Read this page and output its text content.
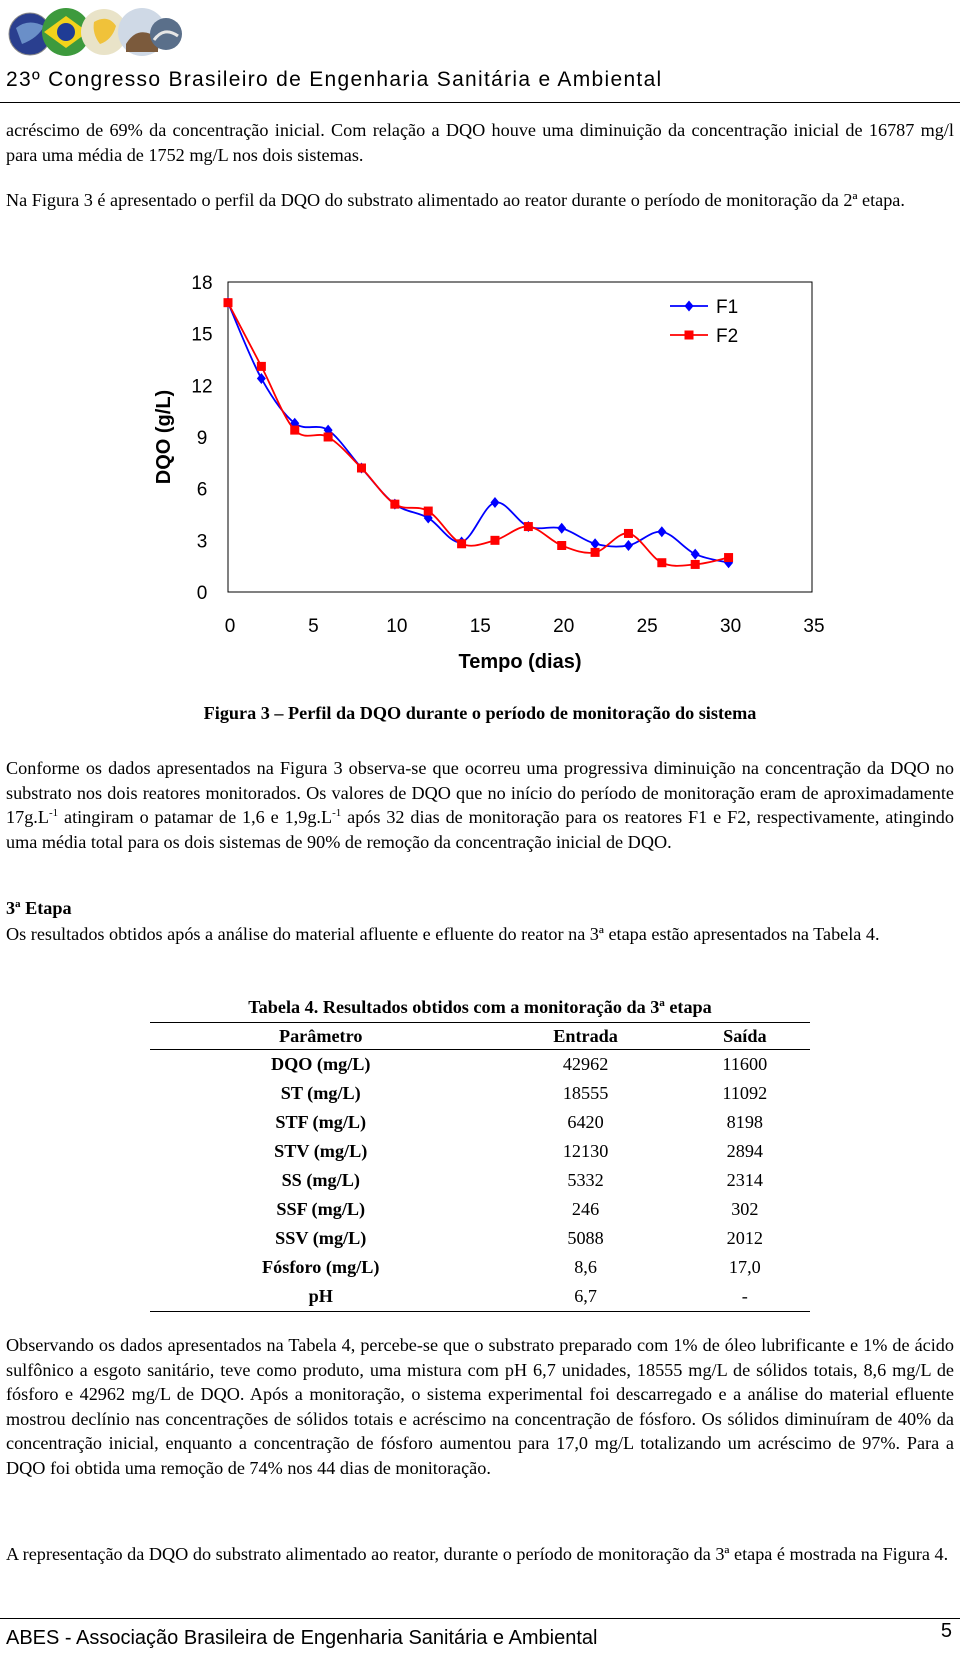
23º Congresso Brasileiro de Engenharia Sanitária e Ambiental

acréscimo de 69% da concentração inicial. Com relação a DQO houve uma diminuição da concentração inicial de 16787 mg/l para uma média de 1752 mg/L nos dois sistemas.

Na Figura 3 é apresentado o perfil da DQO do substrato alimentado ao reator durante o período de monitoração da 2ª etapa.

0
3
6
9
12
15
18
0	5	10	15	20	25	30	35
DQO (g/L)
Tempo (dias)
F1
F2
Figura 3 – Perfil da DQO durante o período de monitoração do sistema

Conforme os dados apresentados na Figura 3 observa-se que ocorreu uma progressiva diminuição na concentração da DQO no substrato nos dois reatores monitorados. Os valores de DQO que no início do período de monitoração eram de aproximadamente $17g.L^{-1}$ atingiram o patamar de 1,6 e $1,9g.L^{-1}$ após 32 dias de monitoração para os reatores F1 e F2, respectivamente, atingindo uma média total para os dois sistemas de 90% de remoção da concentração inicial de DQO.

3ª Etapa

Os resultados obtidos após a análise do material afluente e efluente do reator na 3ª etapa estão apresentados na Tabela 4.

Tabela 4. Resultados obtidos com a monitoração da 3ª etapa
Parâmetro	Entrada	Saída
DQO (mg/L)	42962	11600
ST (mg/L)	18555	11092
STF (mg/L)	6420	8198
STV (mg/L)	12130	2894
SS (mg/L)	5332	2314
SSF (mg/L)	246	302
SSV (mg/L)	5088	2012
Fósforo (mg/L)	8,6	17,0
pH	6,7	-

Observando os dados apresentados na Tabela 4, percebe-se que o substrato preparado com 1% de óleo lubrificante e 1% de ácido sulfônico a esgoto sanitário, teve como produto, uma mistura com pH 6,7 unidades, 18555 mg/L de sólidos totais, 8,6 mg/L de fósforo e 42962 mg/L de DQO. Após a monitoração, o sistema experimental foi descarregado e a análise do material efluente mostrou declínio nas concentrações de sólidos totais e acréscimo na concentração de fósforo. Os sólidos diminuíram de 40% da concentração inicial, enquanto a concentração de fósforo aumentou para 17,0 mg/L totalizando um acréscimo de 97%. Para a DQO foi obtida uma remoção de 74% nos 44 dias de monitoração.

A representação da DQO do substrato alimentado ao reator, durante o período de monitoração da 3ª etapa é mostrada na Figura 4.

ABES - Associação Brasileira de Engenharia Sanitária e Ambiental	5
